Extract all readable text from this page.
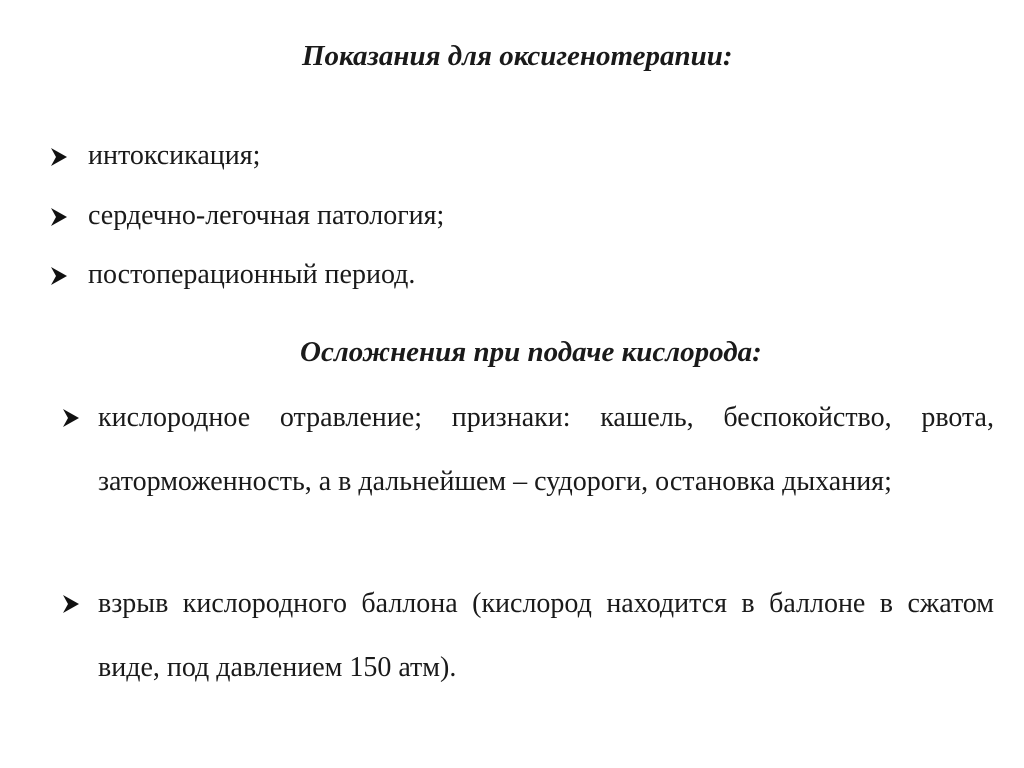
Показания для оксигенотерапии:
интоксикация;
сердечно-легочная патология;
постоперационный период.
Осложнения при подаче кислорода:
кислородное отравление; признаки: кашель, беспокойство, рвота, заторможенность, а в дальнейшем – судороги, остановка дыхания;
взрыв кислородного баллона (кислород находится в баллоне в сжатом виде, под давлением 150 атм).
